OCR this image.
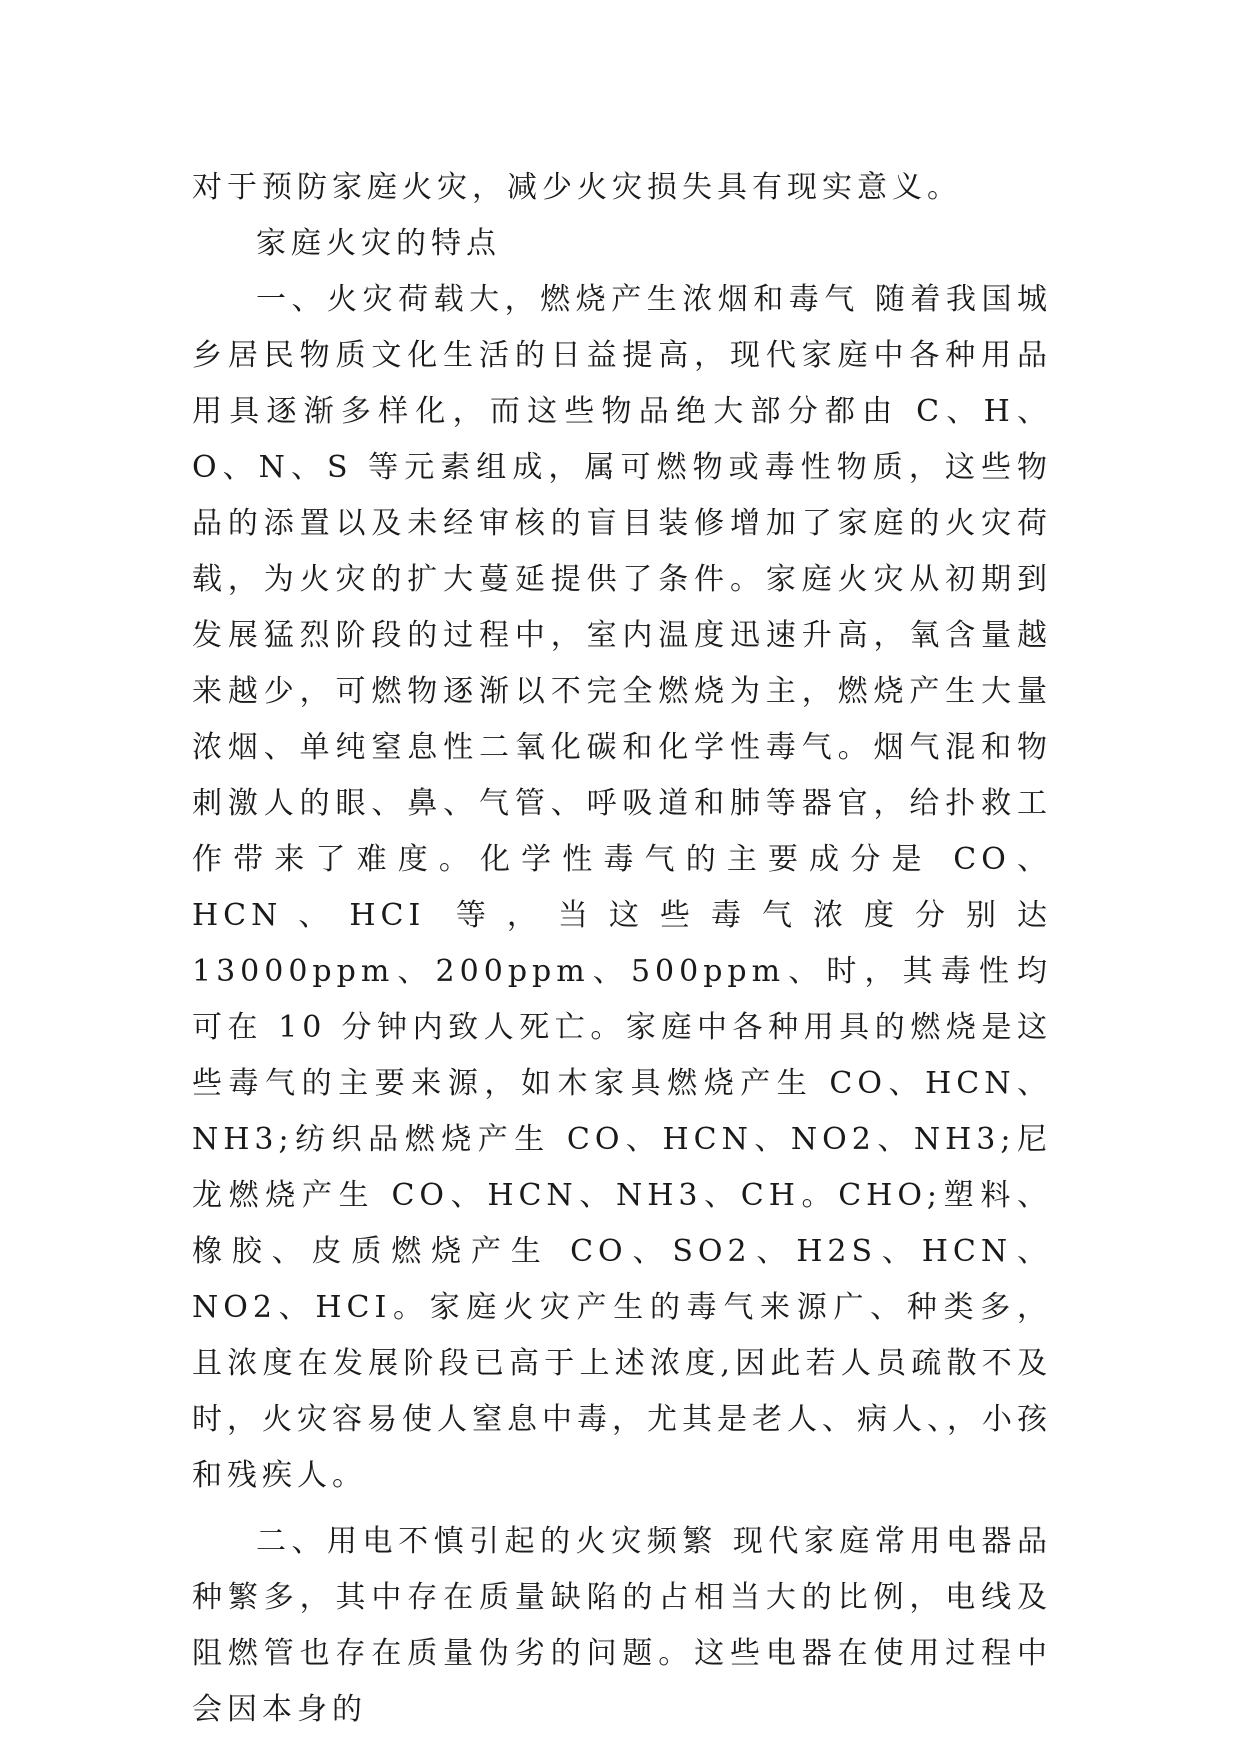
对于预防家庭火灾，减少火灾损失具有现实意义。

家庭火灾的特点

一、火灾荷载大，燃烧产生浓烟和毒气 随着我国城乡居民物质文化生活的日益提高，现代家庭中各种用品用具逐渐多样化，而这些物品绝大部分都由 C、H、O、N、S 等元素组成，属可燃物或毒性物质，这些物品的添置以及未经审核的盲目装修增加了家庭的火灾荷载，为火灾的扩大蔓延提供了条件。家庭火灾从初期到发展猛烈阶段的过程中，室内温度迅速升高，氧含量越来越少，可燃物逐渐以不完全燃烧为主，燃烧产生大量浓烟、单纯窒息性二氧化碳和化学性毒气。烟气混和物刺激人的眼、鼻、气管、呼吸道和肺等器官，给扑救工作带来了难度。化学性毒气的主要成分是 CO、HCN、HCI 等，当这些毒气浓度分别达 13000ppm、200ppm、500ppm、时，其毒性均可在 10 分钟内致人死亡。家庭中各种用具的燃烧是这些毒气的主要来源，如木家具燃烧产生 CO、HCN、NH3;纺织品燃烧产生 CO、HCN、NO2、NH3;尼龙燃烧产生 CO、HCN、NH3、CH。CHO;塑料、橡胶、皮质燃烧产生 CO、SO2、H2S、HCN、NO2、HCI。家庭火灾产生的毒气来源广、种类多，且浓度在发展阶段已高于上述浓度,因此若人员疏散不及时，火灾容易使人窒息中毒，尤其是老人、病人、，小孩和残疾人。

二、用电不慎引起的火灾频繁 现代家庭常用电器品种繁多，其中存在质量缺陷的占相当大的比例，电线及阻燃管也存在质量伪劣的问题。这些电器在使用过程中会因本身的
